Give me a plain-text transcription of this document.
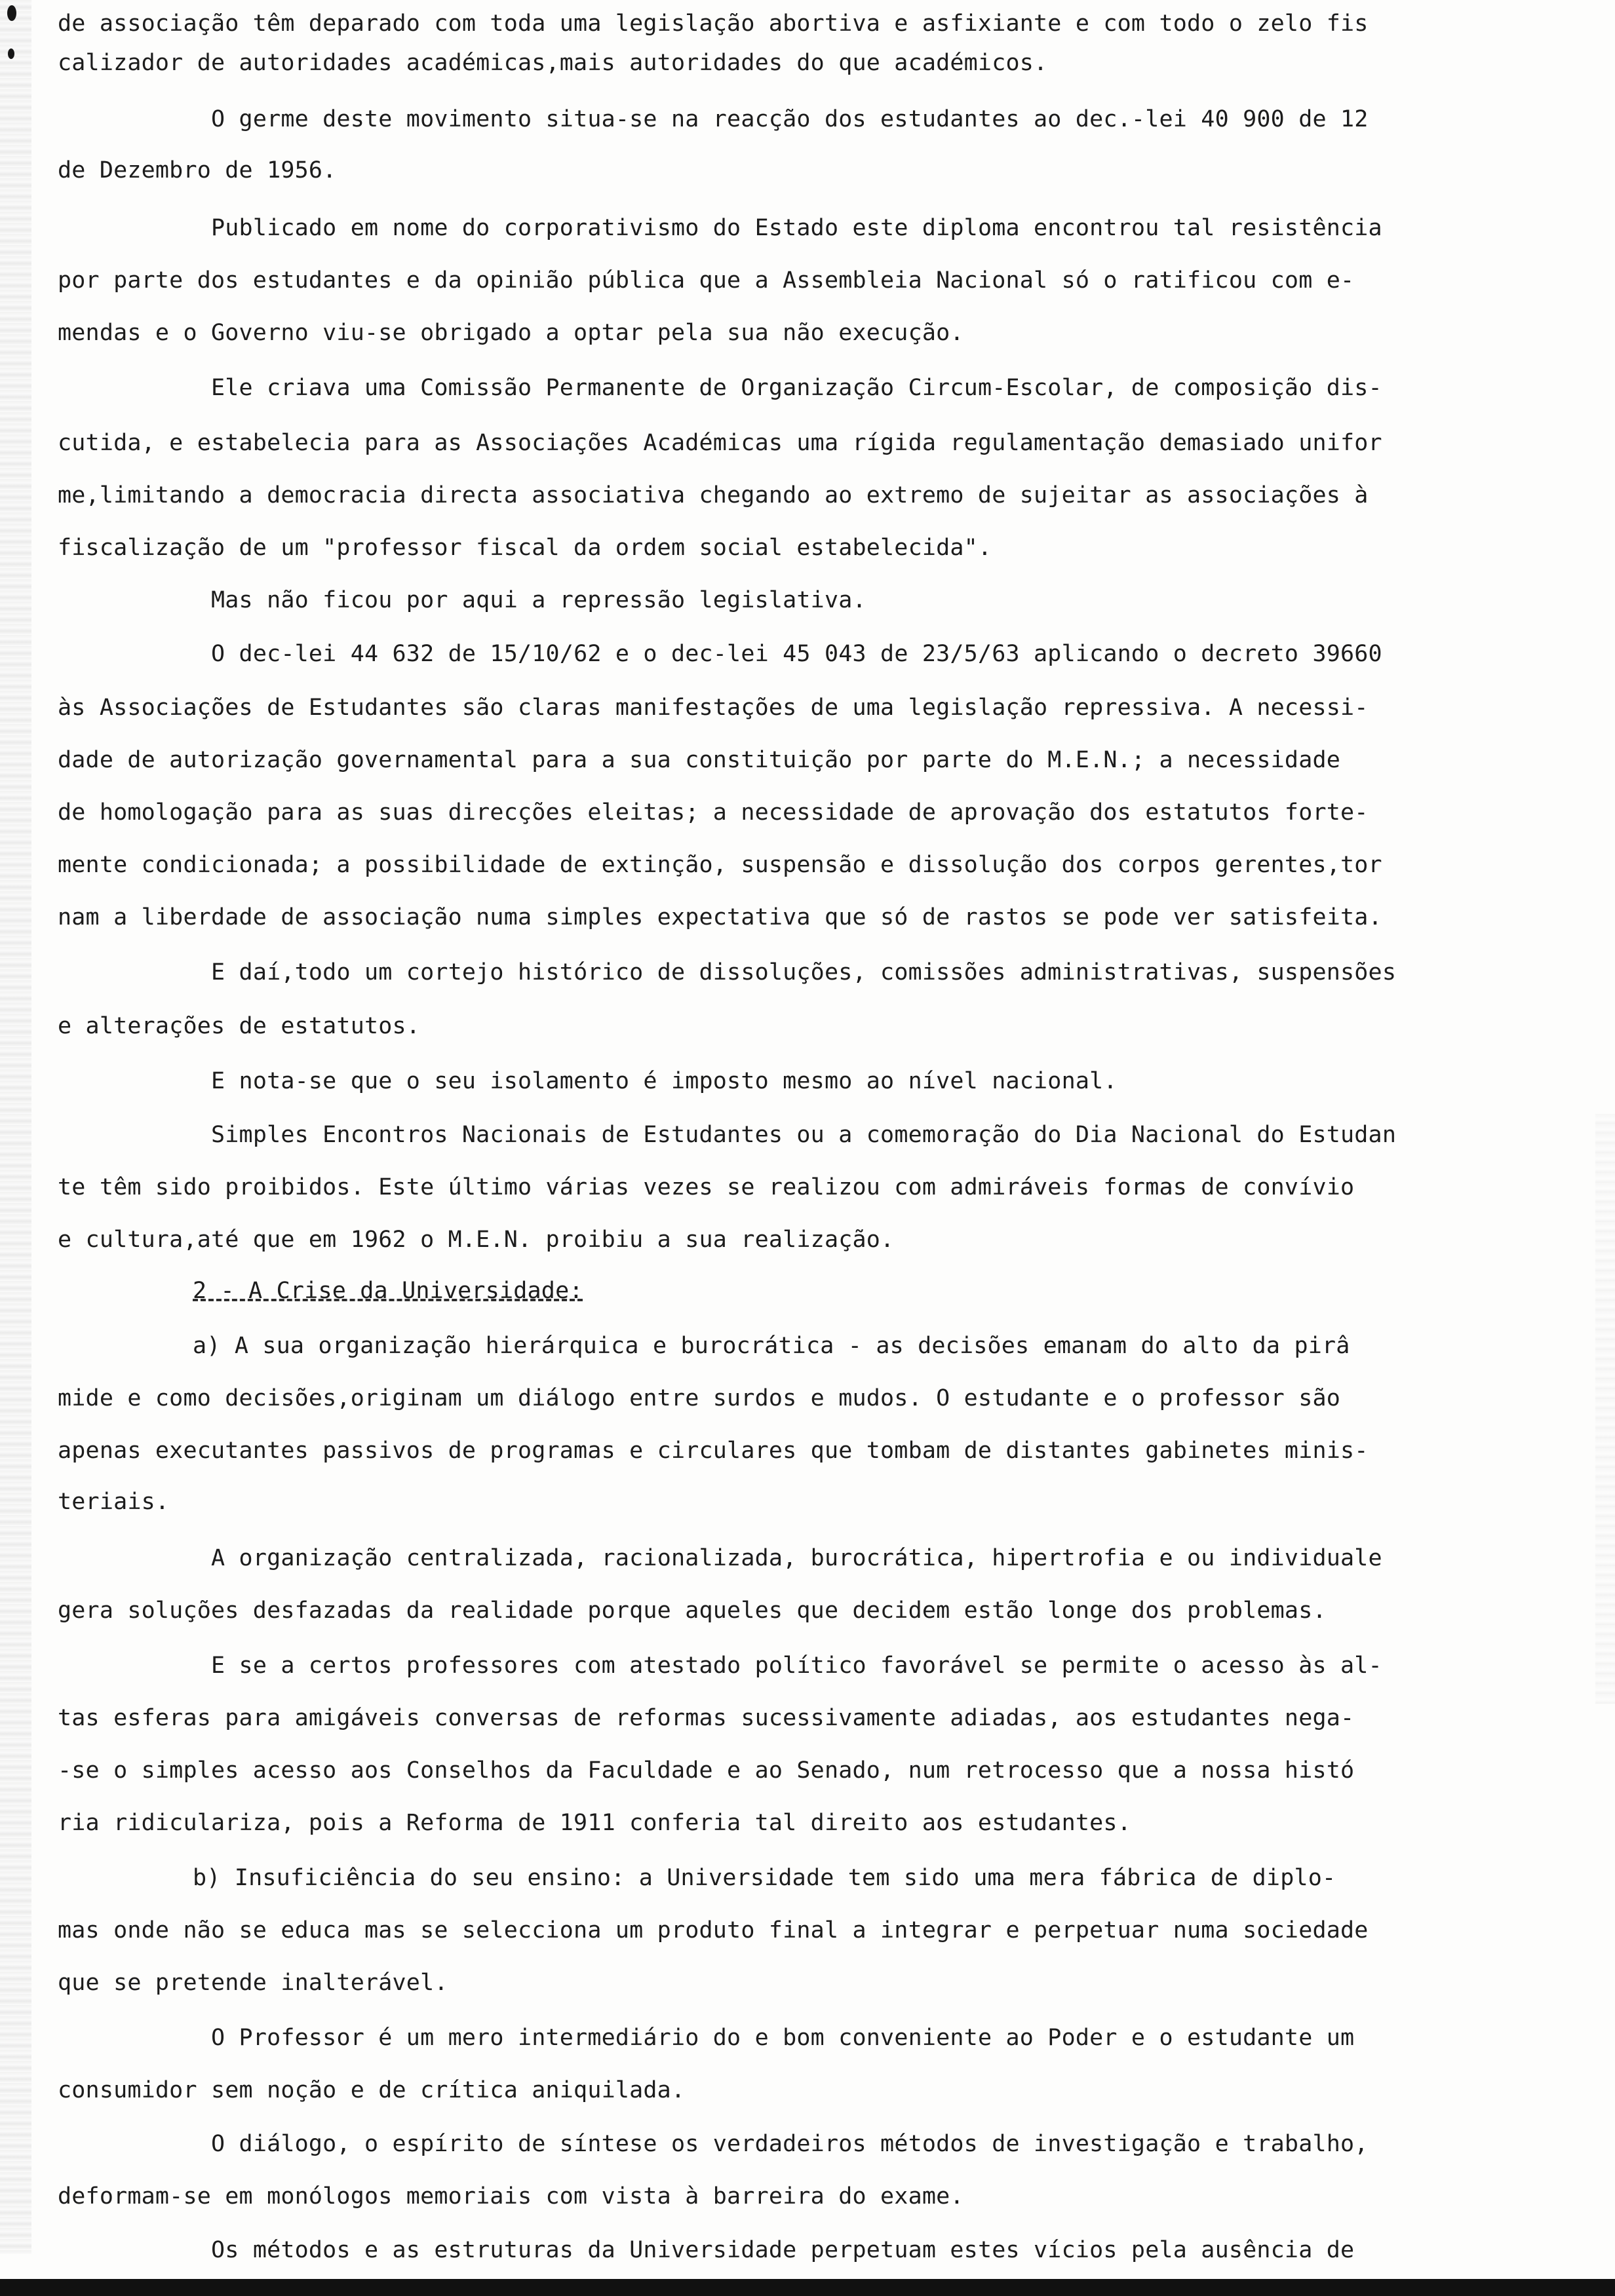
de associação têm deparado com toda uma legislação abortiva e asfixiante e com todo o zelo fis
calizador de autoridades académicas,mais autoridades do que académicos.
O germe deste movimento situa-se na reacção dos estudantes ao dec.-lei 40 900 de 12
de Dezembro de 1956.
Publicado em nome do corporativismo do Estado este diploma encontrou tal resistência
por parte dos estudantes e da opinião pública que a Assembleia Nacional só o ratificou com e-
mendas e o Governo viu-se obrigado a optar pela sua não execução.
Ele criava uma Comissão Permanente de Organização Circum-Escolar, de composição dis-
cutida, e estabelecia para as Associações Académicas uma rígida regulamentação demasiado unifor
me,limitando a democracia directa associativa chegando ao extremo de sujeitar as associações à
fiscalização de um "professor fiscal da ordem social estabelecida".
Mas não ficou por aqui a repressão legislativa.
O dec-lei 44 632 de 15/10/62 e o dec-lei 45 043 de 23/5/63 aplicando o decreto 39660
às Associações de Estudantes são claras manifestações de uma legislação repressiva. A necessi-
dade de autorização governamental para a sua constituição por parte do M.E.N.; a necessidade
de homologação para as suas direcções eleitas; a necessidade de aprovação dos estatutos forte-
mente condicionada; a possibilidade de extinção, suspensão e dissolução dos corpos gerentes,tor
nam a liberdade de associação numa simples expectativa que só de rastos se pode ver satisfeita.
E daí,todo um cortejo histórico de dissoluções, comissões administrativas, suspensões
e alterações de estatutos.
E nota-se que o seu isolamento é imposto mesmo ao nível nacional.
Simples Encontros Nacionais de Estudantes ou a comemoração do Dia Nacional do Estudan
te têm sido proibidos. Este último várias vezes se realizou com admiráveis formas de convívio
e cultura,até que em 1962 o M.E.N. proibiu a sua realização.
2 - A Crise da Universidade:
a) A sua organização hierárquica e burocrática - as decisões emanam do alto da pirâ
mide e como decisões,originam um diálogo entre surdos e mudos. O estudante e o professor são
apenas executantes passivos de programas e circulares que tombam de distantes gabinetes minis-
teriais.
A organização centralizada, racionalizada, burocrática, hipertrofia e ou individuale
gera soluções desfazadas da realidade porque aqueles que decidem estão longe dos problemas.
E se a certos professores com atestado político favorável se permite o acesso às al-
tas esferas para amigáveis conversas de reformas sucessivamente adiadas, aos estudantes nega-
-se o simples acesso aos Conselhos da Faculdade e ao Senado, num retrocesso que a nossa histó
ria ridiculariza, pois a Reforma de 1911 conferia tal direito aos estudantes.
b) Insuficiência do seu ensino: a Universidade tem sido uma mera fábrica de diplo-
mas onde não se educa mas se selecciona um produto final a integrar e perpetuar numa sociedade
que se pretende inalterável.
O Professor é um mero intermediário do e bom conveniente ao Poder e o estudante um
consumidor sem noção e de crítica aniquilada.
O diálogo, o espírito de síntese os verdadeiros métodos de investigação e trabalho,
deformam-se em monólogos memoriais com vista à barreira do exame.
Os métodos e as estruturas da Universidade perpetuam estes vícios pela ausência de
